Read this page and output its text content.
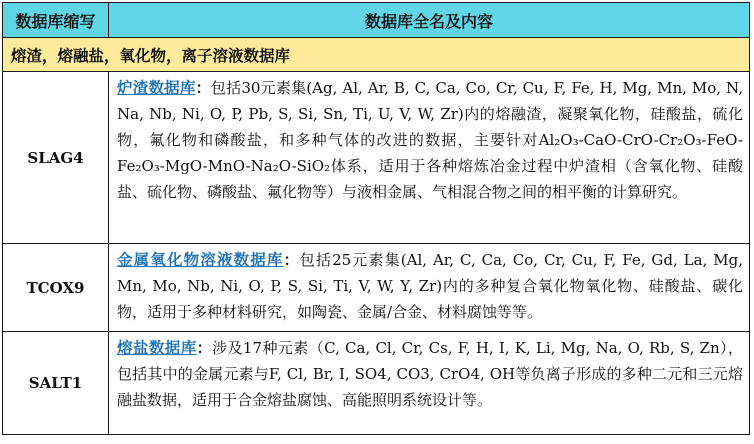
数据库缩写	数据库全名及内容
熔渣，熔融盐，氧化物，离子溶液数据库
SLAG4
炉渣数据库：包括30元素集(Ag, Al, Ar, B, C, Ca, Co, Cr, Cu, F, Fe, H, Mg, Mn, Mo, N, Na, Nb, Ni, O, P, Pb, S, Si, Sn, Ti, U, V, W, Zr)内的熔融渣，凝聚氧化物，硅酸盐，硫化物，氟化物和磷酸盐，和多种气体的改进的数据，主要针对Al₂O₃-CaO-CrO-Cr₂O₃-FeO-Fe₂O₃-MgO-MnO-Na₂O-SiO₂体系，适用于各种熔炼冶金过程中炉渣相（含氧化物、硅酸盐、硫化物、磷酸盐、氟化物等）与液相金属、气相混合物之间的相平衡的计算研究。
TCOX9
金属氧化物溶液数据库：包括25元素集(Al, Ar, C, Ca, Co, Cr, Cu, F, Fe, Gd, La, Mg, Mn, Mo, Nb, Ni, O, P, S, Si, Ti, V, W, Y, Zr)内的多种复合氧化物氧化物、硅酸盐、碳化物，适用于多种材料研究，如陶瓷、金属/合金、材料腐蚀等等。
SALT1
熔盐数据库：涉及17种元素（C, Ca, Cl, Cr, Cs, F, H, I, K, Li, Mg, Na, O, Rb, S, Zn），包括其中的金属元素与F, Cl, Br, I, SO4, CO3, CrO4, OH等负离子形成的多种二元和三元熔融盐数据，适用于合金熔盐腐蚀、高能照明系统设计等。
